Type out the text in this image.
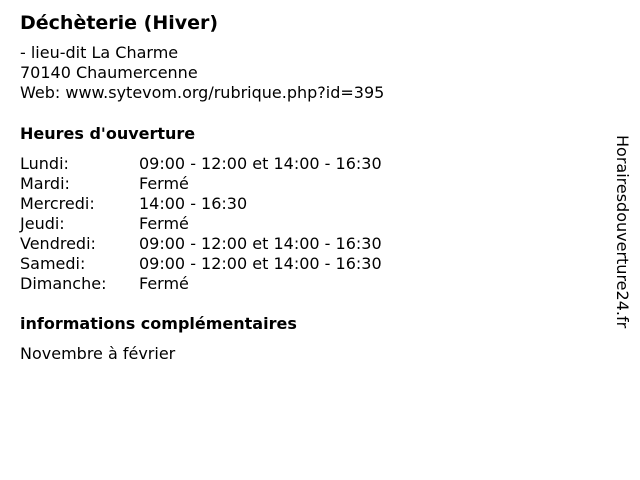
Déchèterie (Hiver)
- lieu-dit La Charme
70140 Chaumercenne
Web: www.sytevom.org/rubrique.php?id=395
Heures d'ouverture
Lundi:	09:00 - 12:00 et 14:00 - 16:30
Mardi:	Fermé
Mercredi:	14:00 - 16:30
Jeudi:	Fermé
Vendredi:	09:00 - 12:00 et 14:00 - 16:30
Samedi:	09:00 - 12:00 et 14:00 - 16:30
Dimanche: Fermé
informations complémentaires
Novembre à février
Horairesdouverture24.fr
